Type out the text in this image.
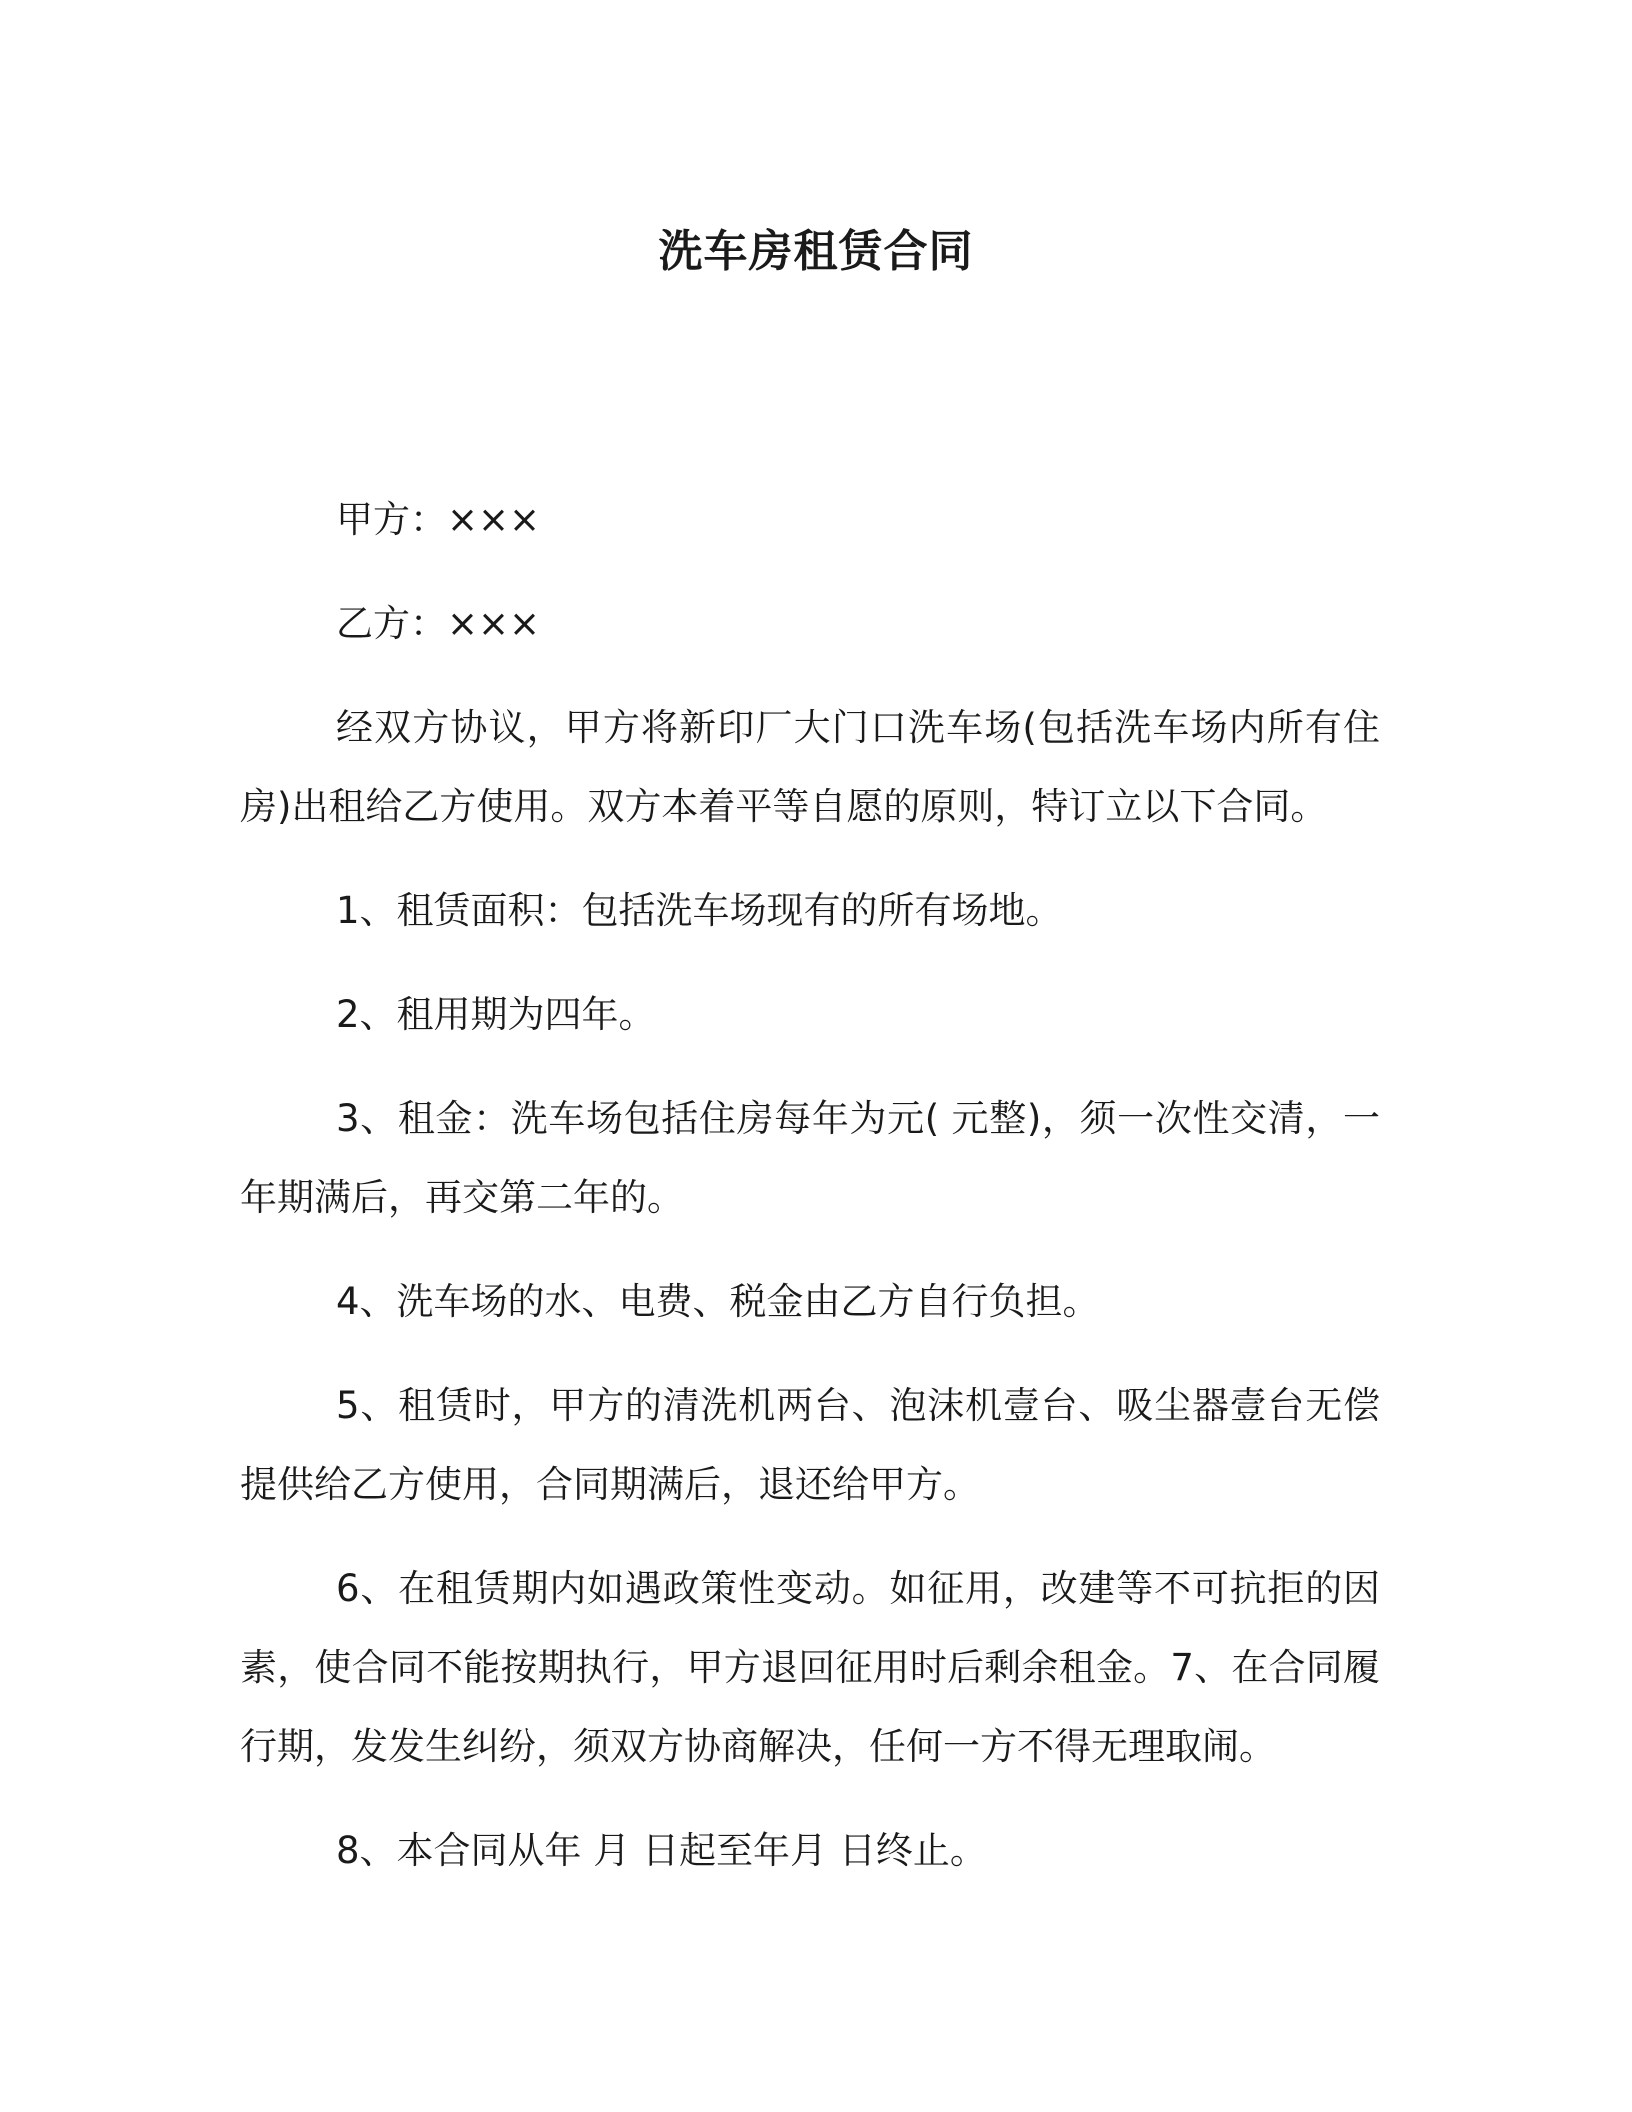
洗车房租赁合同

甲方：×××

乙方：×××

经双方协议，甲方将新印厂大门口洗车场(包括洗车场内所有住房)出租给乙方使用。双方本着平等自愿的原则，特订立以下合同。

1、租赁面积：包括洗车场现有的所有场地。

2、租用期为四年。

3、租金：洗车场包括住房每年为元( 元整)，须一次性交清，一年期满后，再交第二年的。

4、洗车场的水、电费、税金由乙方自行负担。

5、租赁时，甲方的清洗机两台、泡沫机壹台、吸尘器壹台无偿提供给乙方使用，合同期满后，退还给甲方。

6、在租赁期内如遇政策性变动。如征用，改建等不可抗拒的因素，使合同不能按期执行，甲方退回征用时后剩余租金。7、在合同履行期，发发生纠纷，须双方协商解决，任何一方不得无理取闹。

8、本合同从年 月 日起至年月 日终止。
